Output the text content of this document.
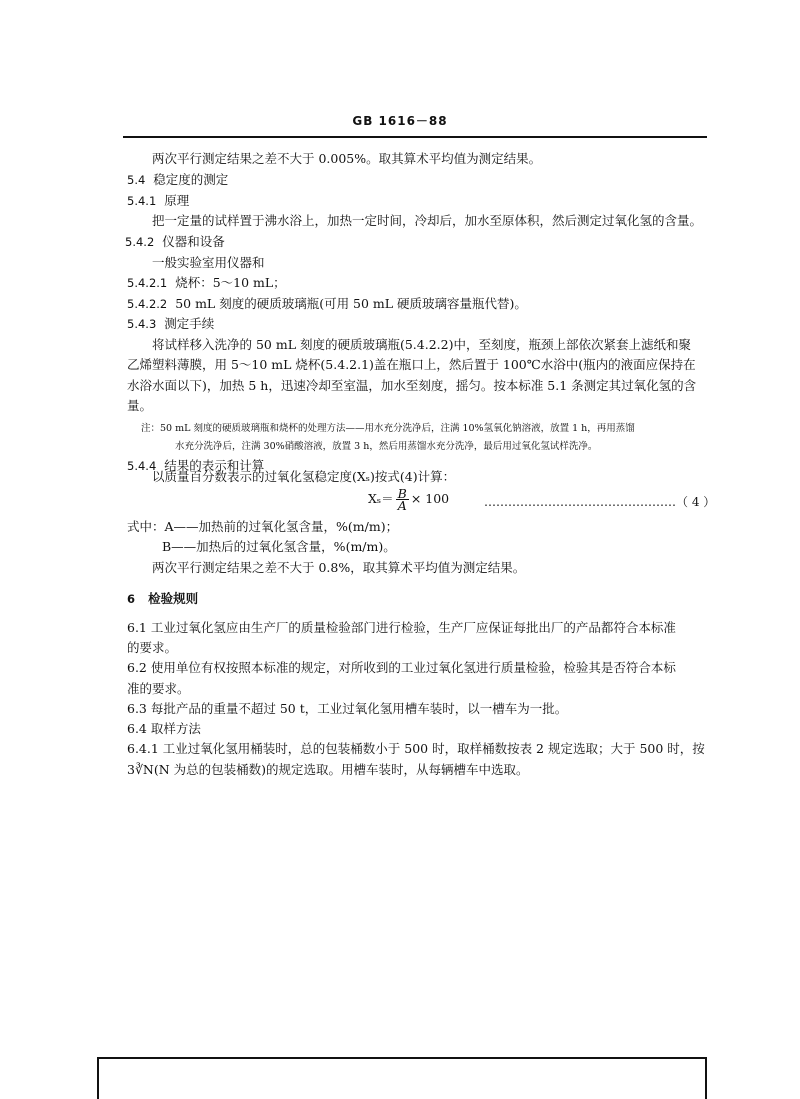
GB 1616－88
两次平行测定结果之差不大于 0.005%。取其算术平均值为测定结果。
5.4 稳定度的测定
5.4.1 原理
把一定量的试样置于沸水浴上，加热一定时间，冷却后，加水至原体积，然后测定过氧化氢的含量。
5.4.2 仪器和设备
一般实验室用仪器和
5.4.2.1 烧杯：5～10 mL；
5.4.2.2 50 mL 刻度的硬质玻璃瓶(可用 50 mL 硬质玻璃容量瓶代替)。
5.4.3 测定手续
将试样移入洗净的 50 mL 刻度的硬质玻璃瓶(5.4.2.2)中，至刻度，瓶颈上部依次紧套上滤纸和聚
乙烯塑料薄膜，用 5～10 mL 烧杯(5.4.2.1)盖在瓶口上，然后置于 100℃水浴中(瓶内的液面应保持在
水浴水面以下)，加热 5 h，迅速冷却至室温，加水至刻度，摇匀。按本标准 5.1 条测定其过氧化氢的含
量。
注：50 mL 刻度的硬质玻璃瓶和烧杯的处理方法——用水充分洗净后，注满 10%氢氧化钠溶液，放置 1 h，再用蒸馏
水充分洗净后，注满 30%硝酸溶液，放置 3 h，然后用蒸馏水充分洗净，最后用过氧化氢试样洗净。
5.4.4 结果的表示和计算
以质量百分数表示的过氧化氢稳定度(Xₛ)按式(4)计算：
$X_s= \frac{B}{A} \times 100$	…………………………………………（ 4 ）
式中：A——加热前的过氧化氢含量，%(m/m)；
B——加热后的过氧化氢含量，%(m/m)。
两次平行测定结果之差不大于 0.8%，取其算术平均值为测定结果。
6 检验规则
6.1 工业过氧化氢应由生产厂的质量检验部门进行检验，生产厂应保证每批出厂的产品都符合本标准
的要求。
6.2 使用单位有权按照本标准的规定，对所收到的工业过氧化氢进行质量检验，检验其是否符合本标
准的要求。
6.3 每批产品的重量不超过 50 t，工业过氧化氢用槽车装时，以一槽车为一批。
6.4 取样方法
6.4.1 工业过氧化氢用桶装时，总的包装桶数小于 500 时，取样桶数按表 2 规定选取；大于 500 时，按
3∛N(N 为总的包装桶数)的规定选取。用槽车装时，从每辆槽车中选取。
